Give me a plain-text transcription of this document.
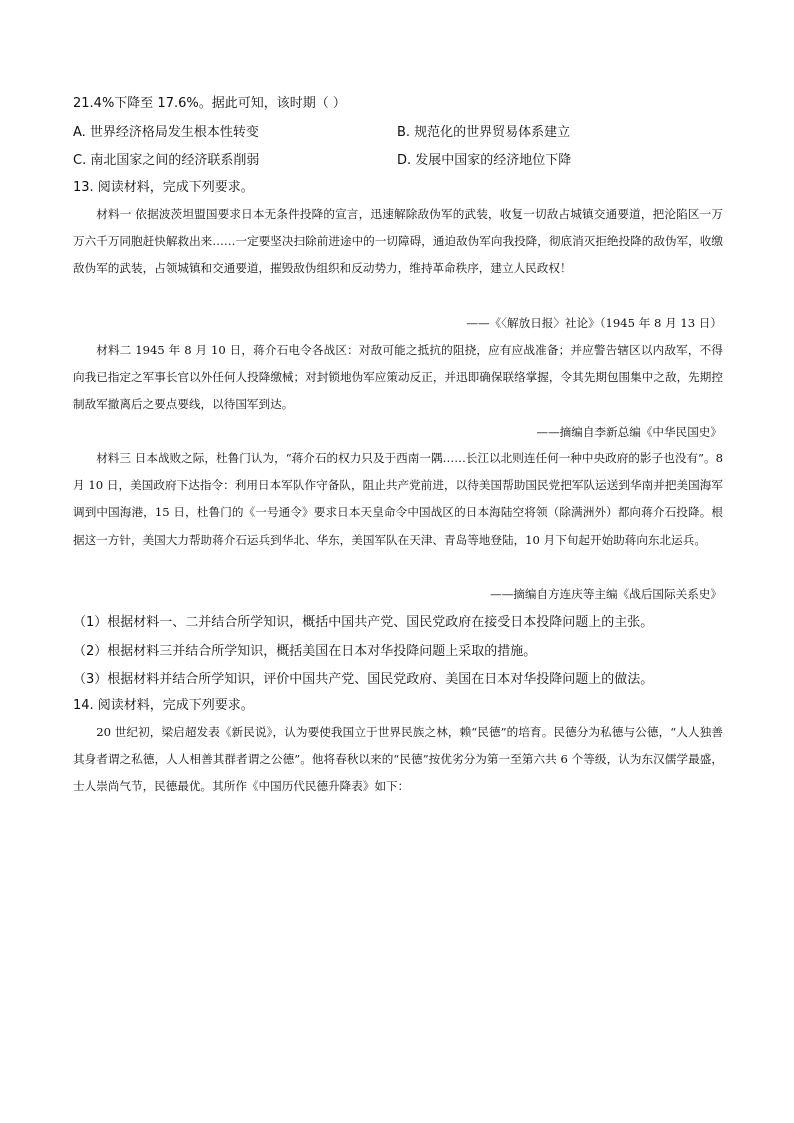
21.4%下降至 17.6%。据此可知，该时期（ ）
A. 世界经济格局发生根本性转变	B. 规范化的世界贸易体系建立
C. 南北国家之间的经济联系削弱	D. 发展中国家的经济地位下降
13. 阅读材料，完成下列要求。
材料一 依据波茨坦盟国要求日本无条件投降的宣言，迅速解除敌伪军的武装，收复一切敌占城镇交通要道，把沦陷区一万万六千万同胞赶快解救出来……一定要坚决扫除前进途中的一切障碍，通迫敌伪军向我投降，彻底消灭拒绝投降的敌伪军，收缴敌伪军的武装，占领城镇和交通要道，摧毁敌伪组织和反动势力，维持革命秩序，建立人民政权！
——《〈解放日报〉社论》（1945 年 8 月 13 日）
材料二 1945 年 8 月 10 日，蒋介石电令各战区：对敌可能之抵抗的阻挠，应有应战准备；并应警告辖区以内敌军，不得向我已指定之军事长官以外任何人投降缴械；对封锁地伪军应策动反正，并迅即确保联络掌握，令其先期包围集中之敌，先期控制敌军撤离后之要点要线，以待国军到达。
——摘编自李新总编《中华民国史》
材料三 日本战败之际，杜鲁门认为，“蒋介石的权力只及于西南一隅……长江以北则连任何一种中央政府的影子也没有”。8 月 10 日，美国政府下达指令：利用日本军队作守备队，阻止共产党前进，以待美国帮助国民党把军队运送到华南并把美国海军调到中国海港，15 日，杜鲁门的《一号通令》要求日本天皇命令中国战区的日本海陆空将领（除满洲外）都向蒋介石投降。根据这一方针，美国大力帮助蒋介石运兵到华北、华东，美国军队在天津、青岛等地登陆，10 月下旬起开始助蒋向东北运兵。
——摘编自方连庆等主编《战后国际关系史》
（1）根据材料一、二并结合所学知识，概括中国共产党、国民党政府在接受日本投降问题上的主张。
（2）根据材料三并结合所学知识，概括美国在日本对华投降问题上采取的措施。
（3）根据材料并结合所学知识，评价中国共产党、国民党政府、美国在日本对华投降问题上的做法。
14. 阅读材料，完成下列要求。
20 世纪初，梁启超发表《新民说》，认为要使我国立于世界民族之林，赖“民德”的培育。民德分为私德与公德，“人人独善其身者谓之私德，人人相善其群者谓之公德”。他将春秋以来的“民德”按优劣分为第一至第六共 6 个等级，认为东汉儒学最盛，士人崇尚气节，民德最优。其所作《中国历代民德升降表》如下：
